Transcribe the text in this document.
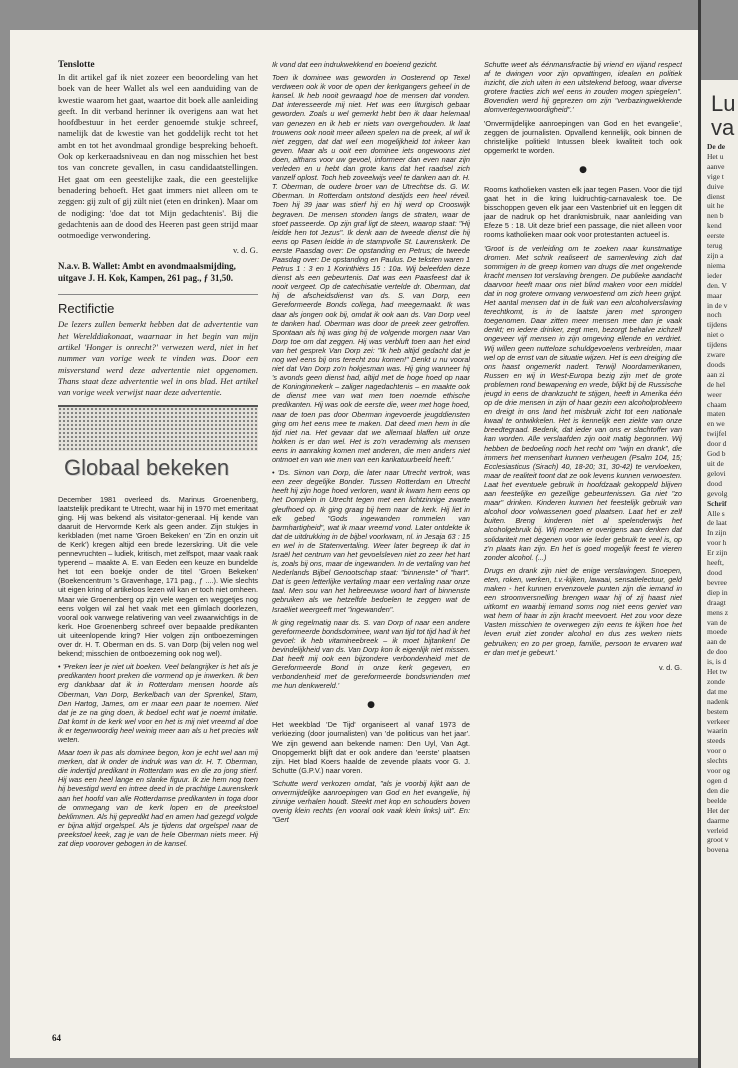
Tenslotte

In dit artikel gaf ik niet zozeer een beoordeling van het boek van de heer Wallet als wel een aanduiding van de kwestie waarom het gaat, waartoe dit boek alle aanleiding geeft. In dit verband herinner ik overigens aan wat het hoofdbestuur in het eerder genoemde stukje schreef, namelijk dat de kwestie van het goddelijk recht tot het ambt en tot het avondmaal grondige bespreking behoeft. Ook op kerkeraadsniveau en dan nog misschien het best tos van concrete gevallen, in casu candidaatstellingen. Het gaat om een geestelijke zaak, die een geestelijke benadering behoeft. Het gaat immers niet alleen om te zeggen: gij zult of gij zült niet (eten en drinken). Maar om de nodiging: 'doe dat tot Mijn gedachtenis'. Bij die gedachtenis aan de dood des Heeren past geen strijd maar ootmoedige verwondering.

v. d. G.

N.a.v. B. Wallet: Ambt en avondmaalsmijding, uitgave J. H. Kok, Kampen, 261 pag., ƒ 31,50.

Rectifictie

De lezers zullen bemerkt hebben dat de advertentie van het Werelddiakonaat, waarnaar in het begin van mijn artikel 'Honger is onrecht?' verwezen werd, niet in het nummer van vorige week te vinden was. Door een misverstand werd deze advertentie niet opgenomen. Thans staat deze advertentie wel in ons blad. Het artikel van vorige week verwijst naar deze advertentie.

Globaal bekeken

December 1981 overleed ds. Marinus Groenenberg, laatstelijk predikant te Utrecht, waar hij in 1970 met emeritaat ging. Hij was bekend als visitator-generaal. Hij kende van daaruit de Hervormde Kerk als geen ander. Zijn stukjes in kerkbladen (met name 'Groen Bekeken' en 'Zin en onzin uit de Kerk') kregen altijd een brede lezerskring. Uit die vele pennevruchten – ludiek, kritisch, met zelfspot, maar vaak raak typerend – maakte A. E. van Eeden een keuze en bundelde het tot een boekje onder de titel 'Groen Bekeken' (Boekencentrum 's Gravenhage, 171 pag., ƒ ....). Wie slechts uit eigen kring of artikeloos lezen wil kan er toch niet omheen. Maar wie Groenenberg op zijn vele wegen en weggetjes nog eens volgen wil zal het vaak met een glimlach doorlezen, vooral ook vanwege relativering van veel zwaarwichtigs in de kerk. Hoe Groenenberg schreef over bepaalde predikanten uit uiteenlopende kring? Hier volgen zijn ontboezemingen over dr. H. T. Oberman en ds. S. van Dorp (bij velen nog wel bekend; misschien de ontboezeming ook nog wel).

• 'Preken leer je niet uit boeken. Veel belangrijker is het als je predikanten hoort preken die vormend op je inwerken. Ik ben erg dankbaar dat ik in Rotterdam mensen hoorde als Oberman, Van Dorp, Berkelbach van der Sprenkel, Stam, Den Hartog, James, om er maar een paar te noemen. Niet dat je ze na ging doen, ik bedoel echt wat je noemt imitatie. Dat komt in de kerk wel voor en het is mij niet vreemd al doe ik er tegenwoordig heel weinig meer aan als u het precies wilt weten.

Maar toen ik pas als dominee begon, kon je echt wel aan mij merken, dat ik onder de indruk was van dr. H. T. Oberman, die indertijd predikant in Rotterdam was en die zo jong stierf. Hij was een heel lange en slanke figuur. Ik zie hem nog toen hij bevestigd werd en intree deed in de prachtige Laurenskerk aan het hoofd van alle Rotterdamse predikanten in toga door de ommegang van de kerk lopen en de preekstoel beklimmen. Als hij gepredikt had en amen had gezegd volgde er bijna altijd orgelspel. Als je tijdens dat orgelspel naar de preekstoel keek, zag je van de hele Oberman niets meer. Hij zat diep voorover gebogen in de kansel.

Ik vond dat een indrukwekkend en boeiend gezicht.

Toen ik dominee was geworden in Oosterend op Texel verdween ook ik voor de open der kerkgangers geheel in de kansel. Ik heb nooit gevraagd hoe de mensen dat vonden. Dat interesseerde mij niet. Het was een liturgisch gebaar geworden. Zoals u wel gemerkt hebt ben ik daar helemaal van genezen en ik heb er niets van overgehouden. Ik laat trouwens ook nooit meer alleen spelen na de preek, al wil ik niet zeggen, dat dat wel een mogelijkheid tot inkeer kan geven. Maar als u ooit een dominee iets ongewoons ziet doen, althans voor uw gevoel, informeer dan even naar zijn verleden en u hebt dan grote kans dat het raadsel zich vanzelf oplost. Toch heb zoveelwijs veel te danken aan dr. H. T. Oberman, de oudere broer van de Utrechtse ds. G. W. Oberman. In Rotterdam ontstond destijds een heel réveil. Toen hij 39 jaar was stierf hij en hij werd op Crooswijk begraven. De mensen stonden langs de straten, waar de stoet passeerde. Op zijn graf ligt de steen, waarop staat: "Hij leidde hen tot Jezus". Ik denk aan de tweede dienst die hij eens op Pasen leidde in de stampvolle St. Laurenskerk. De eerste Paasdag over: De opstanding en Petrus; de tweede Paasdag over: De opstanding en Paulus. De teksten waren 1 Petrus 1 : 3 en 1 Korinthiërs 15 : 10a. Wij beleefden deze dienst als een gebeurtenis. Dat was een Paasfeest dat ik nooit vergeet. Op de catechisatie vertelde dr. Oberman, dat hij de afscheidsdienst van ds. S. van Dorp, een Gereformeerde Bonds collega, had meegemaakt. Ik was daar als jongen ook bij, omdat ik ook aan ds. Van Dorp veel te danken had. Oberman was door de preek zeer getroffen. Spontaan als hij was ging hij de volgende morgen naar Van Dorp toe om dat zeggen. Hij was verbluft toen aan het eind van het gesprek Van Dorp zei: "Ik heb altijd gedacht dat je nog wel eens bij ons terecht zou komen!" Denkt u nu vooral niet dat Van Dorp zo'n hokjesman was. Hij ging wanneer hij 's avonds geen dienst had, altijd met de hoge hoed op naar de Koninginnekerk – zaliger nagedachtenis – en maakte ook de dienst mee van wat men toen noemde ethische predikanten. Hij was ook de eerste die, weer met hoge hoed, naar de toen pas door Oberman ingevoerde jeugddiensten ging om het eens mee te maken. Dat deed men hem in die tijd niet na. Het gevaar dat we allemaal blaffen uit onze hokken is er dan wel. Het is zo'n verademing als mensen eens in aanraking komen met anderen, die men anders niet ontmoet en van wie men van een karikatuurbeeld heeft.'

• 'Ds. Simon van Dorp, die later naar Utrecht vertrok, was een zeer degelijke Bonder. Tussen Rotterdam en Utrecht heeft hij zijn hoge hoed verloren, want ik kwam hem eens op het Domplein in Utrecht tegen met een lichtzinnige zwarte gleufhoed op. Ik ging graag bij hem naar de kerk. Hij liet in elk gebed "Gods ingewanden rommelen van barmhartigheid", wat ik maar vreemd vond. Later ontdekte ik dat de uitdrukking in de bijbel voorkwam, nl. in Jesaja 63 : 15 en wel in de Statenvertaling. Weer later begreep ik dat in Israël het centrum van het gevoelsleven niet zo zeer het hart is, zoals bij ons, maar de ingewanden. In de vertaling van het Nederlands Bijbel Genootschap staat: "binnenste" of "hart". Dat is geen letterlijke vertaling maar een vertaling naar onze taal. Men sou van het hebreeuwse woord hart of binnenste gebruiken als we hetzelfde bedoelen te zeggen wat de Israëliet weergeeft met "ingewanden".

Ik ging regelmatig naar ds. S. van Dorp of naar een andere gereformeerde bondsdominee, want van tijd tot tijd had ik het gevoel: ik heb vitamineebreek – ik moet bijtanken! De bevindelijkheid van ds. Van Dorp kon ik eigenlijk niet missen. Dat heeft mij ook een bijzondere verbondenheid met de Gereformeerde Bond in onze kerk gegeven, en verbondenheid met de gereformeerde bondsvrienden met me hun denkwereld.'

●

Het weekblad 'De Tijd' organiseert al vanaf 1973 de verkiezing (door journalisten) van 'de politicus van het jaar'. We zijn gewend aan bekende namen: Den Uyl, Van Agt. Onopgemerkt blijft dat er ook andere dan 'eerste' plaatsen zijn. Het blad Koers haalde de zevende plaats voor G. J. Schutte (G.P.V.) naar voren.

'Schutte werd verkozen omdat, "als je voorbij kijkt aan de onvermijdelijke aanroepingen van God en het evangelie, hij zinnige verhalen houdt. Steekt met kop en schouders boven overig klein rechts (en vooral ook vaak klein links) uit". En: "Gert

Schutte weet als éénmansfractie bij vriend en vijand respect af te dwingen voor zijn opvattingen, idealen en politiek inzicht, die zich uiten in een uitstekend betoog, waar diverse grotere fracties zich wel eens in zouden mogen spiegelen". Bovendien werd hij geprezen om zijn "verbazingwekkende alomvertegenwoordigheid".'

'Onvermijdelijke aanroepingen van God en het evangelie', zeggen de journalisten. Opvallend kennelijk, ook binnen de christelijke politiek! Intussen bleek kwaliteit toch ook opgemerkt te worden.

●

Rooms katholieken vasten elk jaar tegen Pasen. Voor die tijd gaat het in die kring luidruchtig-carnavalesk toe. De bisschoppen geven elk jaar een Vastenbrief uit en leggen dit jaar de nadruk op het drankmisbruik, naar aanleiding van Efeze 5 : 18. Uit deze brief een passage, die niet alleen voor rooms katholieken maar ook voor protestanten actueel is.

'Groot is de verleiding om te zoeken naar kunstmatige dromen. Met schrik realiseert de samenleving zich dat sommigen in de greep komen van drugs die met ongekende kracht mensen tot verslaving brengen. De publieke aandacht daarvoor heeft maar ons niet blind maken voor een middel dat in nog grotere omvang verwoestend om zich heen grijpt. Het aantal mensen dat in de fuik van een alcoholverslaving terechtkomt, is in de laatste jaren met sprongen toegenomen. Daar zitten meer mensen mee dan je vaak denkt; en iedere drinker, zegt men, bezorgt behalve zichzelf ongeveer vijf mensen in zijn omgeving ellende en verdriet. Wij willen geen nutteloze schuldgevoelens verbreiden, maar wel op de ernst van de situatie wijzen. Het is een dreiging die ons haast ongemerkt nadert. Terwijl Noordamerikanen, Russen en wij in West-Europa bezig zijn met de grote problemen rond bewapening en vrede, blijkt bij de Russische jeugd in eens de drankzucht te stijgen, heeft in Amerika één op de drie mensen in zijn of haar gezin een alcoholprobleem en dreigt in ons land het misbruik zicht tot een nationale kwaal te ontwikkelen. Het is kennelijk een ziekte van onze breedtegraad. Bedenk, dat ieder van ons er slachtoffer van kan worden. Alle verslaafden zijn ooit matig begonnen. Wij hebben de bedoeling noch het recht om "wijn en drank", die immers het mensenhart kunnen verheugen (Psalm 104, 15; Ecclesiasticus (Sirach) 40, 18-20; 31, 30-42) te vervloeken, maar de realiteit toont dat ze ook levens kunnen verwoesten. Laat het eventuele gebruik in hoofdzaak gekoppeld blijven aan feestelijke en gezellige gebeurtenissen. Ga niet "zo maar" drinken. Kinderen kunnen het feestelijk gebruik van alcohol door volwassenen goed plaatsen. Laat het er zelf buiten. Breng kinderen niet al spelenderwijs het alcoholgebruik bij. Wij moeten er overigens aan denken dat solidariteit met degenen voor wie leder gebruik te veel is, op z'n plaats kan zijn. En het is goed mogelijk feest te vieren zonder alcohol. (...)

Drugs en drank zijn niet de enige verslavingen. Snoepen, eten, roken, werken, t.v.-kijken, lawaai, sensatielectuur, geld maken - het kunnen ervenzovele punten zijn die iemand in een stroomversnelling brengen waar hij of zij haast niet uitkomt en waarbij iemand soms nog niet eens geniet van wat hem of haar in zijn kracht meevoert. Het zou voor deze Vasten misschien te overwegen zijn eens te kijken hoe het leven eruit ziet zonder alcohol en dus zes weken niets gebruiken; en zo per groep, familie, persoon te ervaren wat er dan met je gebeurt.'

v. d. G.

64
Lu
va
De de
Het u
aanve
vige t
duive
dienst
uit he
nen b
kend
eerste
terug
zijn a
niema
ieder
den. V
maar
in de v
noch
tijdens
niet o
tijdens
zware
doods
aan zi
de hel
weer
chaam
maten
en we
twijfel
door d
God b
uit de
gelovi
dood
gevolg
Schrif
Alle s
de laat
In zijn
voor h
Er zijn
heeft,
dood
bevree
diep in
draagt
mens z
van de
moede
aan de
de doo
is, is d
Het tw
zonde
dat me
nadenk
bestem
verkeer
waarin
steeds
voor o
slechts
voor og
ogen d
den die
beelde
Het der
daarme
verleid
groot v
bovena
